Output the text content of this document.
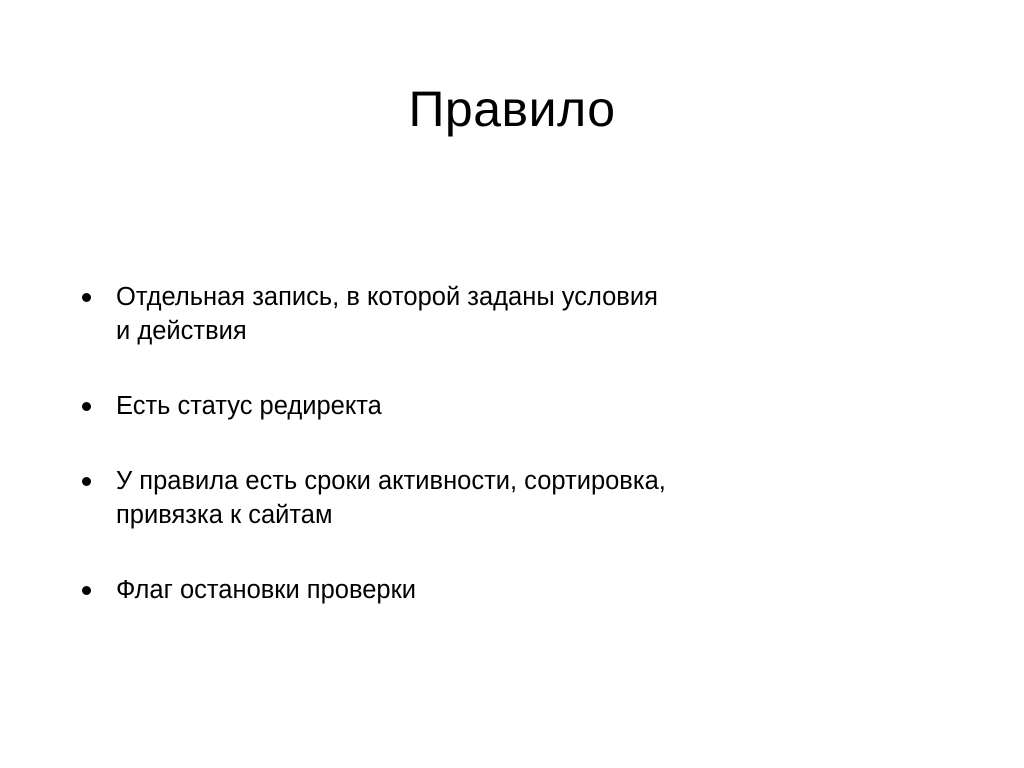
Правило
Отдельная запись, в которой заданы условия
и действия
Есть статус редиректа
У правила есть сроки активности, сортировка,
привязка к сайтам
Флаг остановки проверки
